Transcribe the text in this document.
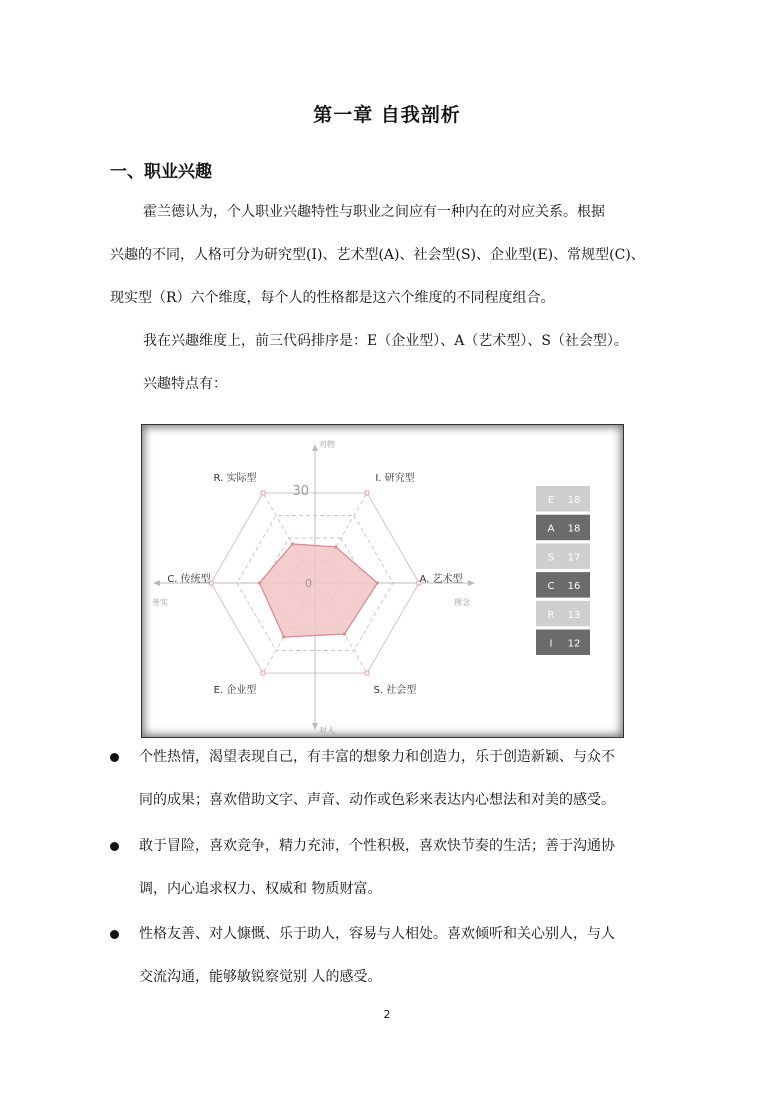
第一章 自我剖析
一、职业兴趣
霍兰德认为，个人职业兴趣特性与职业之间应有一种内在的对应关系。根据
兴趣的不同，人格可分为研究型(I)、艺术型(A)、社会型(S)、企业型(E)、常规型(C)、
现实型（R）六个维度，每个人的性格都是这六个维度的不同程度组合。
我在兴趣维度上，前三代码排序是：E（企业型）、A（艺术型）、S（社会型）。
兴趣特点有：
I. 研究型
A. 艺术型
S. 社会型
E. 企业型
C. 传统型
R. 实际型
30
0
对物
对人
务实	理念
E 18
A 18
S 17
C 16
R 13
I 12
个性热情，渴望表现自己，有丰富的想象力和创造力，乐于创造新颖、与众不
同的成果；喜欢借助文字、声音、动作或色彩来表达内心想法和对美的感受。
敢于冒险，喜欢竞争，精力充沛，个性积极，喜欢快节奏的生活；善于沟通协
调，内心追求权力、权威和 物质财富。
性格友善、对人慷慨、乐于助人，容易与人相处。喜欢倾听和关心别人，与人
交流沟通，能够敏锐察觉别 人的感受。
2
